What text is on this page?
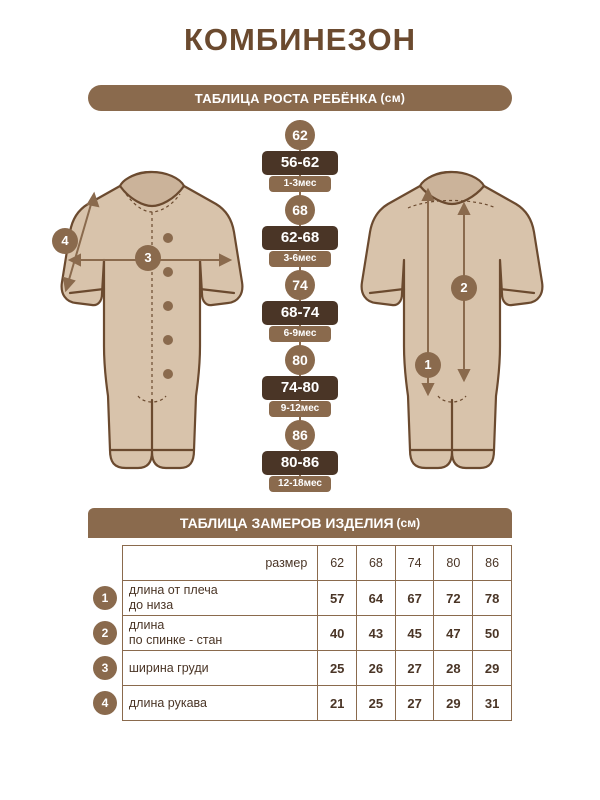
КОМБИНЕЗОН
ТАБЛИЦА РОСТА РЕБЁНКА (см)
3
4
1
2
62
56-62
1-3мес
68
62-68
3-6мес
74
68-74
6-9мес
80
74-80
9-12мес
86
80-86
12-18мес
ТАБЛИЦА ЗАМЕРОВ ИЗДЕЛИЯ (см)
	размер	62	68	74	80	86

1	длина от плеча
до низа	57	64	67	72	78

2	длина
по спинке - стан	40	43	45	47	50

3	ширина груди	25	26	27	28	29

4	длина рукава	21	25	27	29	31
